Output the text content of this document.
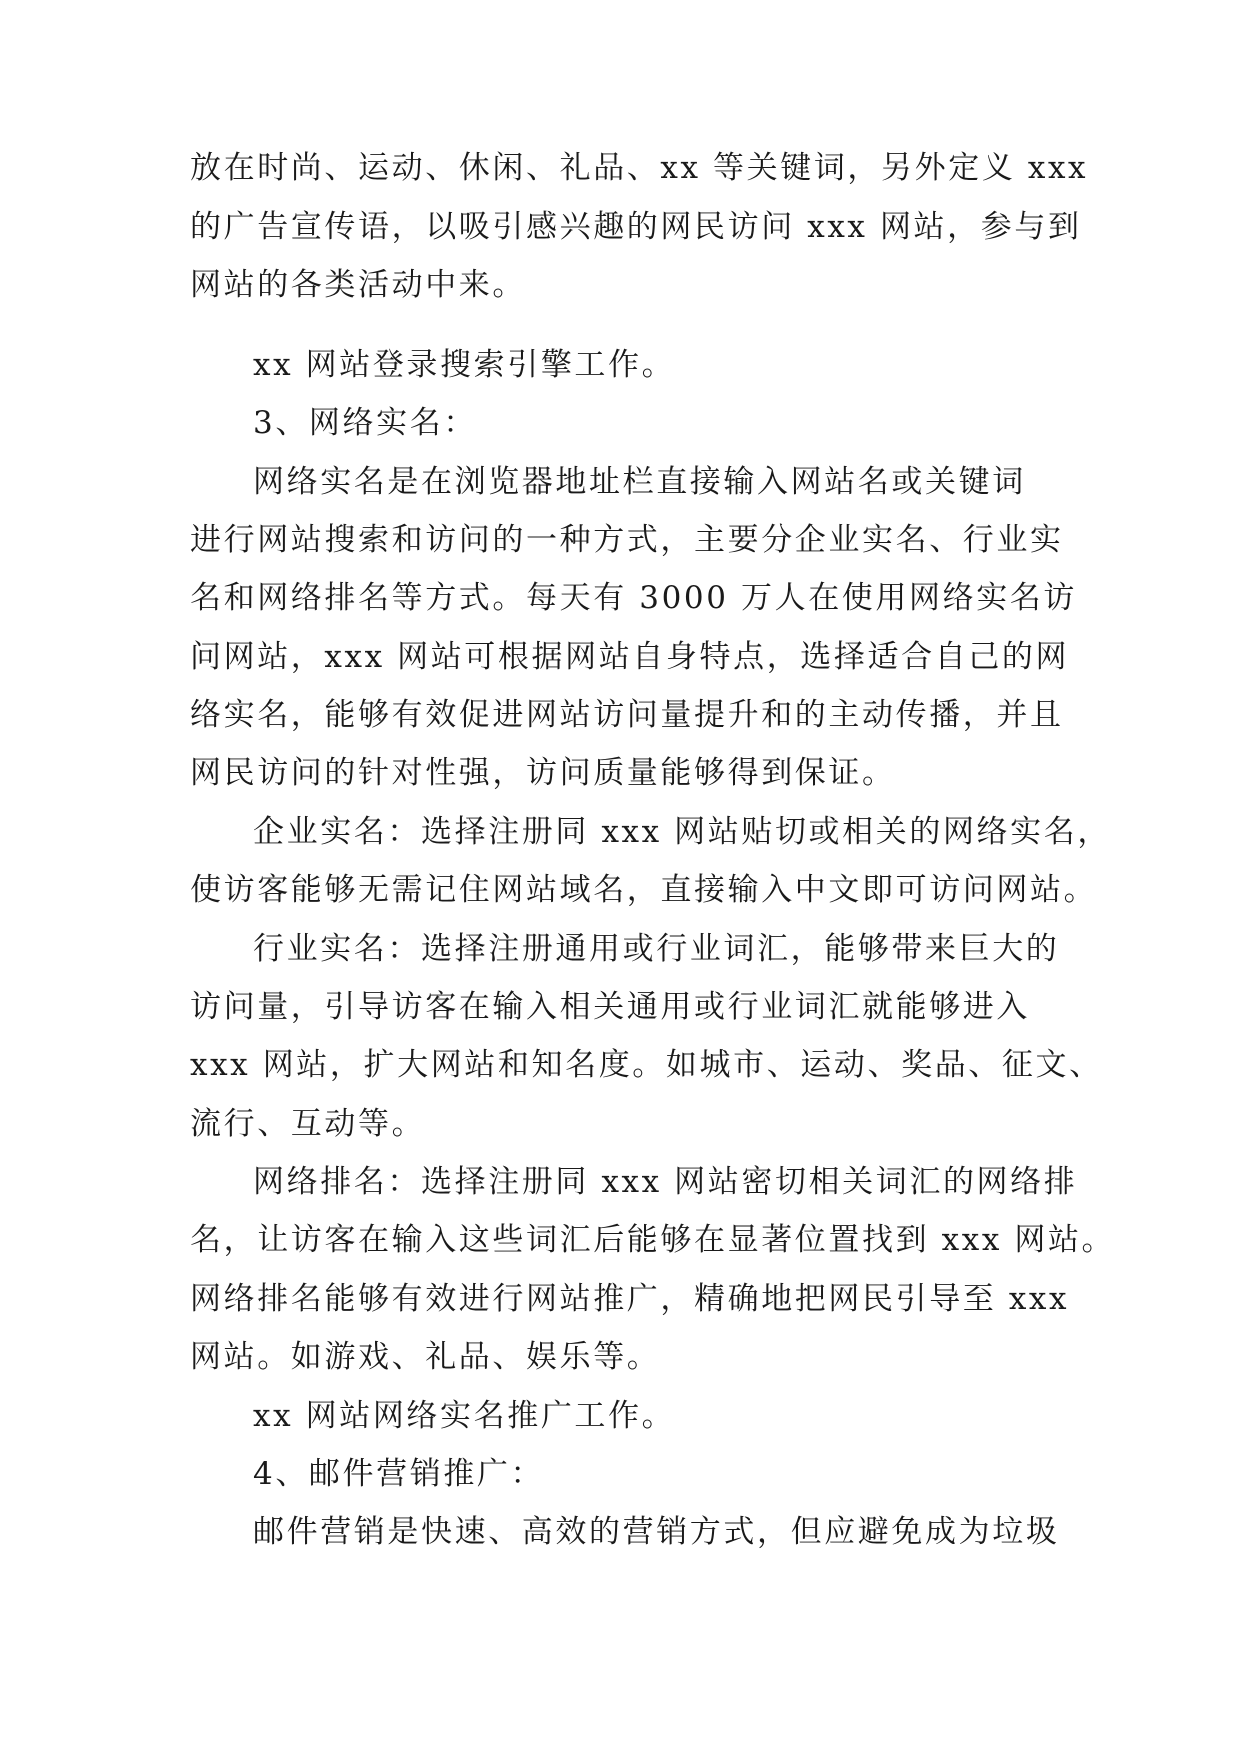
放在时尚、运动、休闲、礼品、xx 等关键词，另外定义 xxx
的广告宣传语，以吸引感兴趣的网民访问 xxx 网站，参与到
网站的各类活动中来。
xx 网站登录搜索引擎工作。
3、网络实名：
网络实名是在浏览器地址栏直接输入网站名或关键词
进行网站搜索和访问的一种方式，主要分企业实名、行业实
名和网络排名等方式。每天有 3000 万人在使用网络实名访
问网站，xxx 网站可根据网站自身特点，选择适合自己的网
络实名，能够有效促进网站访问量提升和的主动传播，并且
网民访问的针对性强，访问质量能够得到保证。
企业实名：选择注册同 xxx 网站贴切或相关的网络实名，
使访客能够无需记住网站域名，直接输入中文即可访问网站。
行业实名：选择注册通用或行业词汇，能够带来巨大的
访问量，引导访客在输入相关通用或行业词汇就能够进入
xxx 网站，扩大网站和知名度。如城市、运动、奖品、征文、
流行、互动等。
网络排名：选择注册同 xxx 网站密切相关词汇的网络排
名，让访客在输入这些词汇后能够在显著位置找到 xxx 网站。
网络排名能够有效进行网站推广，精确地把网民引导至 xxx
网站。如游戏、礼品、娱乐等。
xx 网站网络实名推广工作。
4、邮件营销推广：
邮件营销是快速、高效的营销方式，但应避免成为垃圾
